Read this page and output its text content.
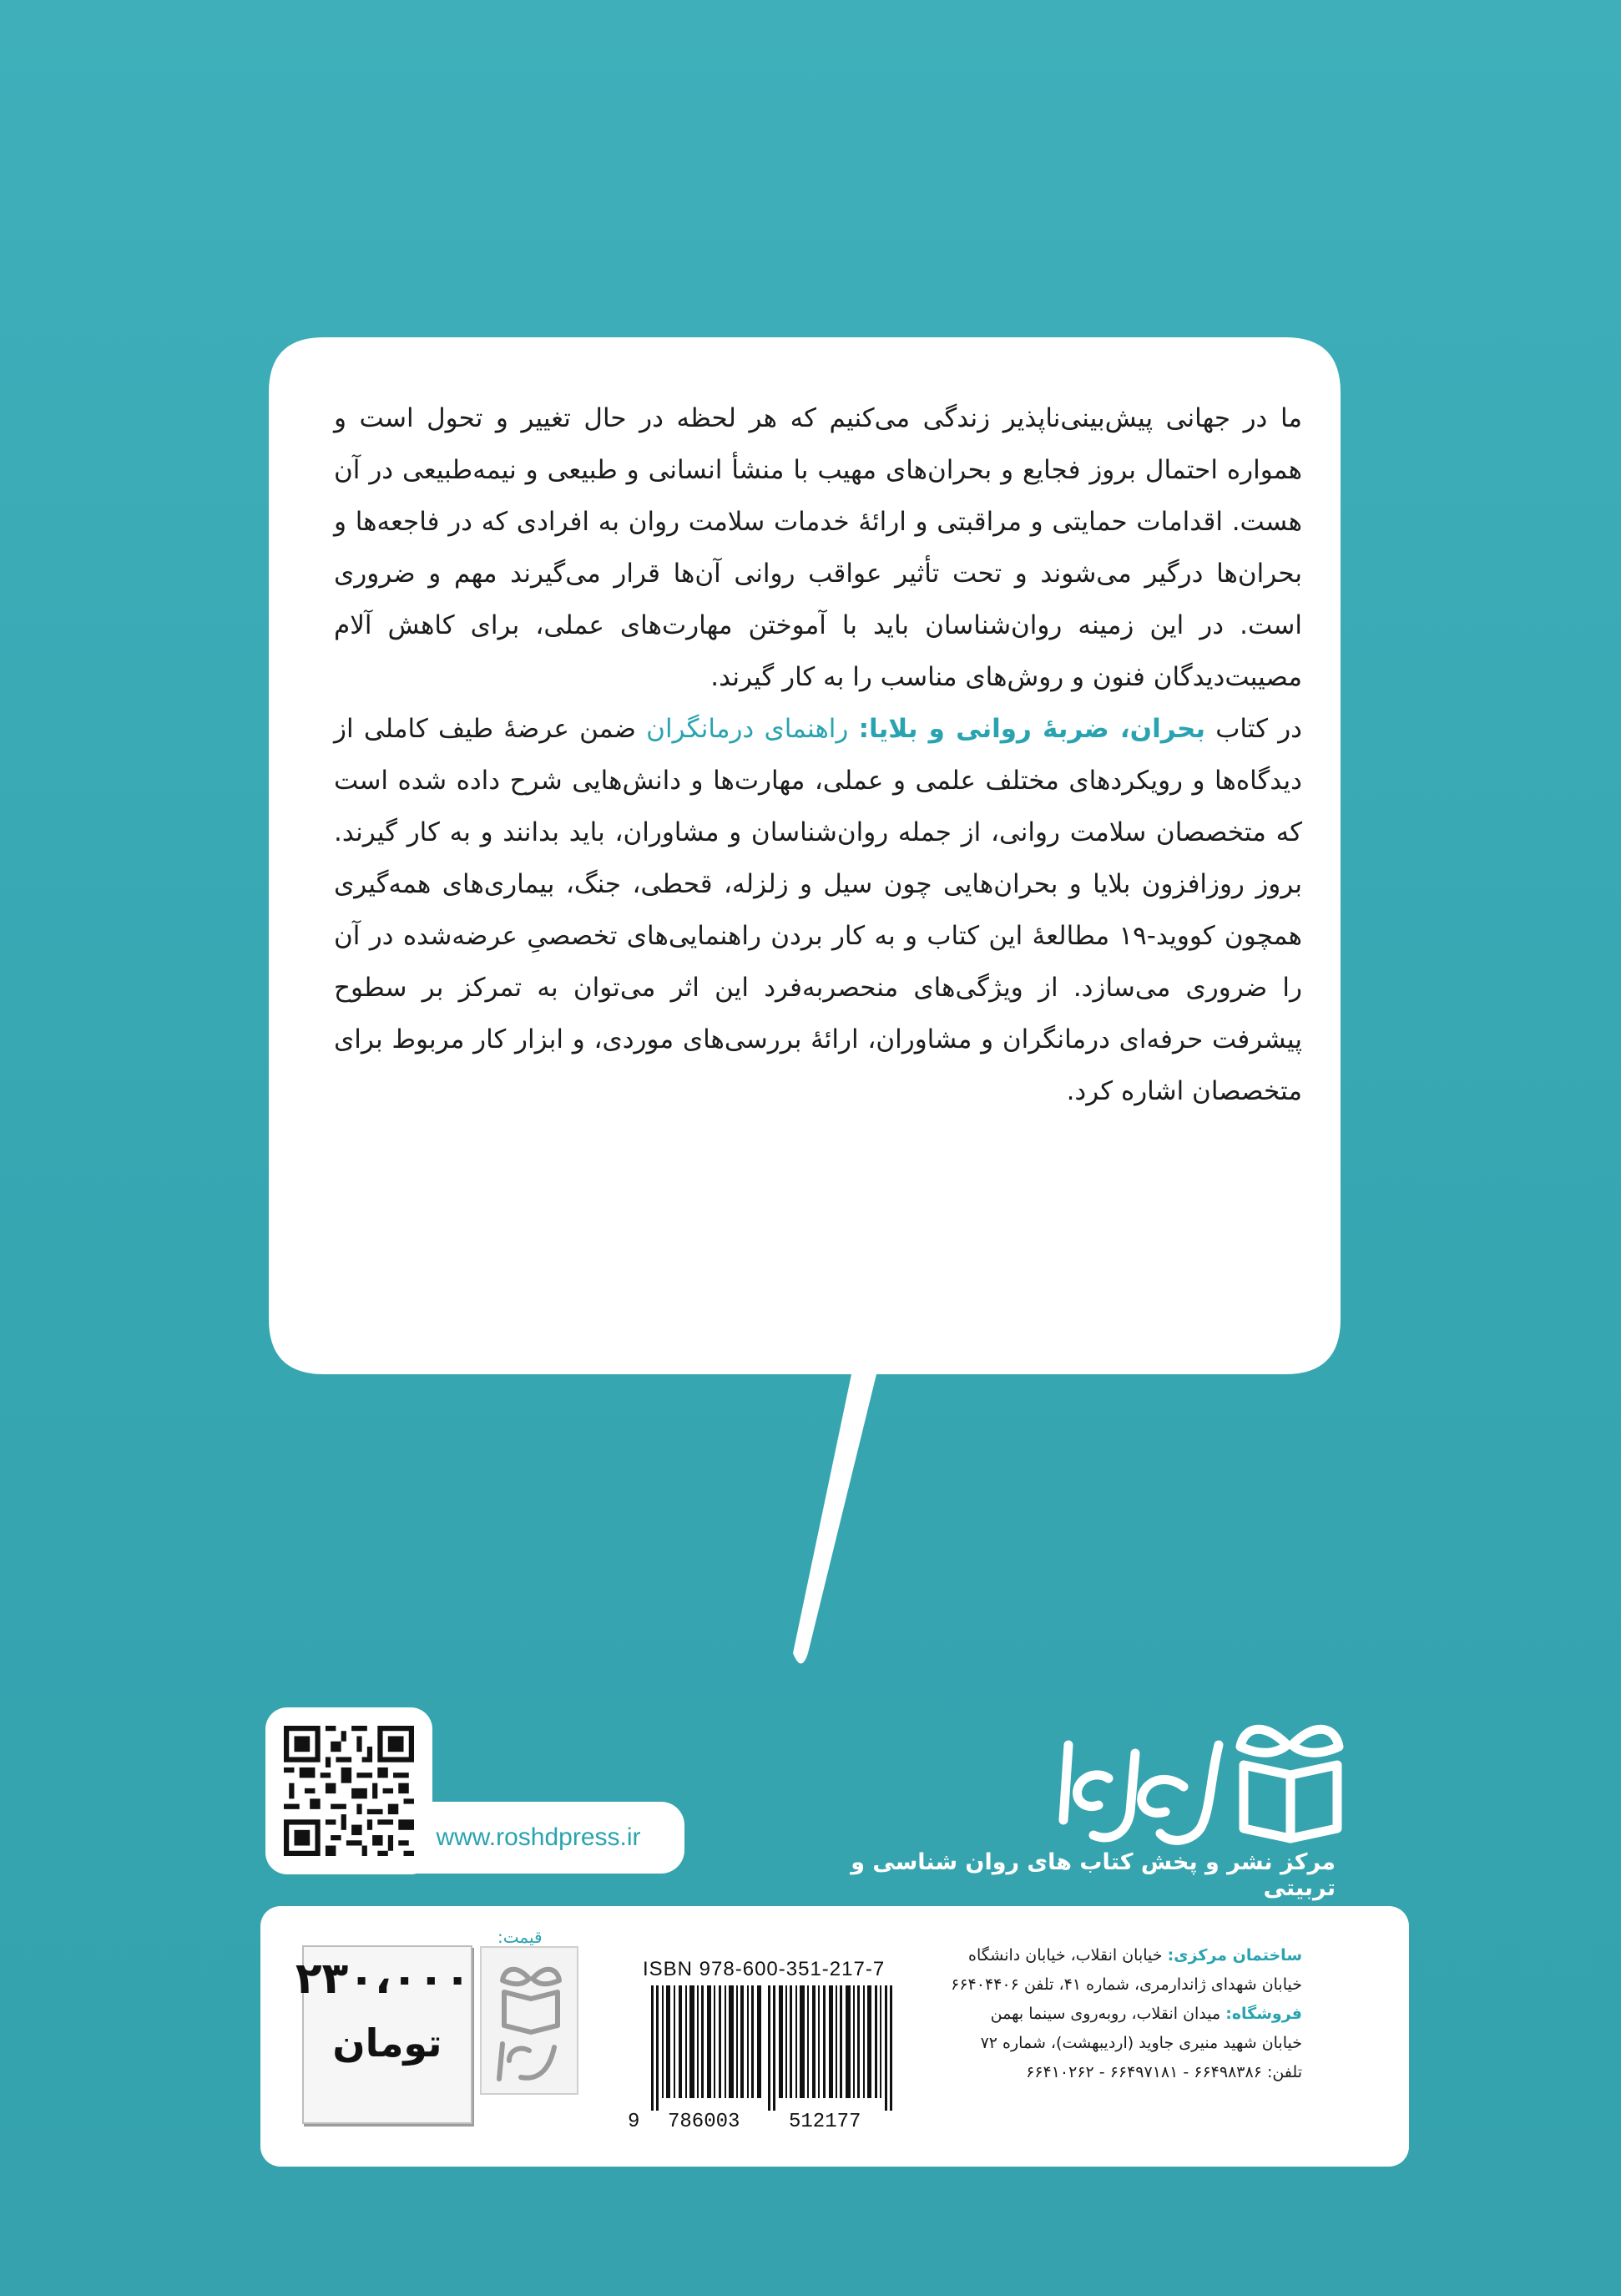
ما در جهانی پیش‌بینی‌ناپذیر زندگی می‌کنیم که هر لحظه در حال تغییر و تحول است و همواره احتمال بروز فجایع و بحران‌های مهیب با منشأ انسانی و طبیعی و نیمه‌طبیعی در آن هست. اقدامات حمایتی و مراقبتی و ارائهٔ خدمات سلامت روان به افرادی که در فاجعه‌ها و بحران‌ها درگیر می‌شوند و تحت تأثیر عواقب روانی آن‌ها قرار می‌گیرند مهم و ضروری است. در این زمینه روان‌شناسان باید با آموختن مهارت‌های عملی، برای کاهش آلام مصیبت‌دیدگان فنون و روش‌های مناسب را به کار گیرند.

در کتاب بحران، ضربهٔ روانی و بلایا: راهنمای درمانگران ضمن عرضهٔ طیف کاملی از دیدگاه‌ها و رویکردهای مختلف علمی و عملی، مهارت‌ها و دانش‌هایی شرح داده شده است که متخصصان سلامت روانی، از جمله روان‌شناسان و مشاوران، باید بدانند و به کار گیرند. بروز روزافزون بلایا و بحران‌هایی چون سیل و زلزله، قحطی، جنگ، بیماری‌های همه‌گیری همچون کووید-۱۹ مطالعهٔ این کتاب و به کار بردن راهنمایی‌های تخصصیِ عرضه‌شده در آن را ضروری می‌سازد. از ویژگی‌های منحصربه‌فرد این اثر می‌توان به تمرکز بر سطوح پیشرفت حرفه‌ای درمانگران و مشاوران، ارائهٔ بررسی‌های موردی، و ابزار کار مربوط برای متخصصان اشاره کرد.

www.roshdpress.ir
مرکز نشر و پخش کتاب های روان شناسی و تربیتی
قیمت:
۲۳۰،۰۰۰
تومان
ISBN 978-600-351-217-7
9 786003 512177
ساختمان مرکزی: خیابان انقلاب، خیابان دانشگاه
خیابان شهدای ژاندارمری، شماره ۴۱، تلفن ۶۶۴۰۴۴۰۶
فروشگاه: میدان انقلاب، روبه‌روی سینما بهمن
خیابان شهید منیری جاوید (اردیبهشت)، شماره ۷۲
تلفن: ۶۶۴۹۸۳۸۶ - ۶۶۴۹۷۱۸۱ - ۶۶۴۱۰۲۶۲
